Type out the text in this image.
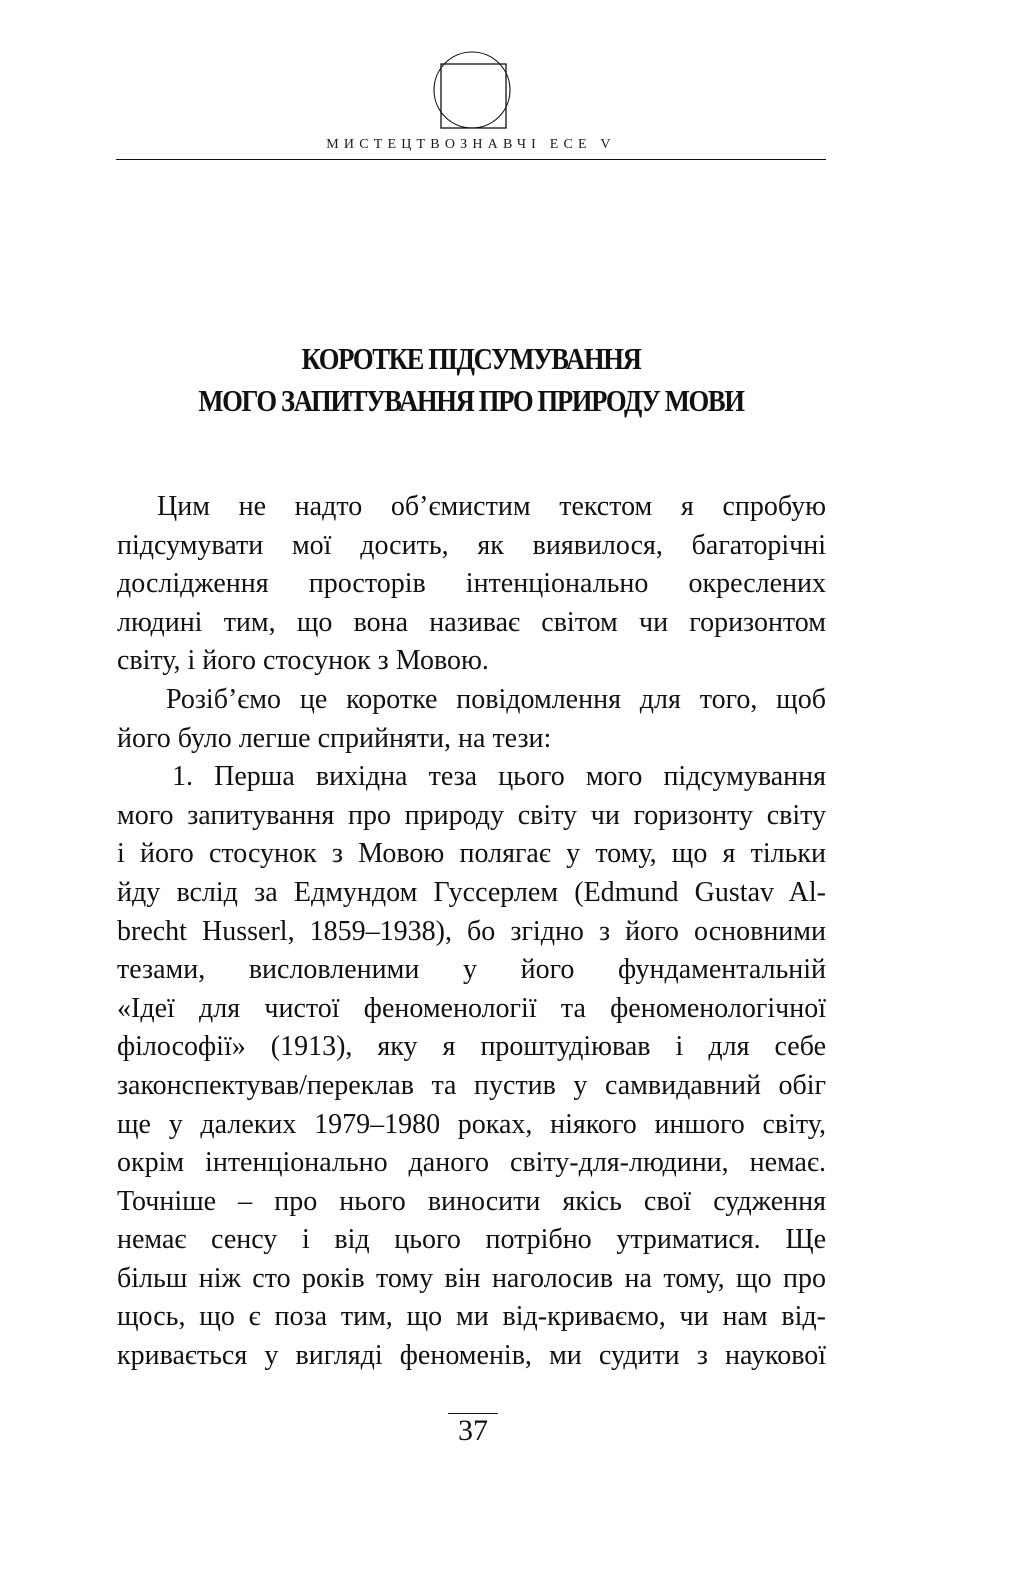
МИСТЕЦТВОЗНАВЧІ ЕСЕ V
КОРОТКЕ ПІДСУМУВАННЯ
МОГО ЗАПИТУВАННЯ ПРО ПРИРОДУ МОВИ
Цим не надто об’ємистим текстом я спробую
підсумувати мої досить, як виявилося, багаторічні
дослідження просторів інтенціонально окреслених
людині тим, що вона називає світом чи горизонтом
світу, і його стосунок з Мовою.
Розіб’ємо це коротке повідомлення для того, щоб
його було легше сприйняти, на тези:
1. Перша вихідна теза цього мого підсумування
мого запитування про природу світу чи горизонту світу
і його стосунок з Мовою полягає у тому, що я тільки
йду вслід за Едмундом Гуссерлем (Edmund Gustav Al-
brecht Husserl, 1859–1938), бо згідно з його основними
тезами, висловленими у його фундаментальній
«Ідеї для чистої феноменології та феноменологічної
філософії» (1913), яку я проштудіював і для себе
законспектував/переклав та пустив у самвидавний обіг
ще у далеких 1979–1980 роках, ніякого иншого світу,
окрім інтенціонально даного світу-для-людини, немає.
Точніше – про нього виносити якісь свої судження
немає сенсу і від цього потрібно утриматися. Ще
більш ніж сто років тому він наголосив на тому, що про
щось, що є поза тим, що ми від-криваємо, чи нам від-
кривається у вигляді феноменів, ми судити з наукової
37
